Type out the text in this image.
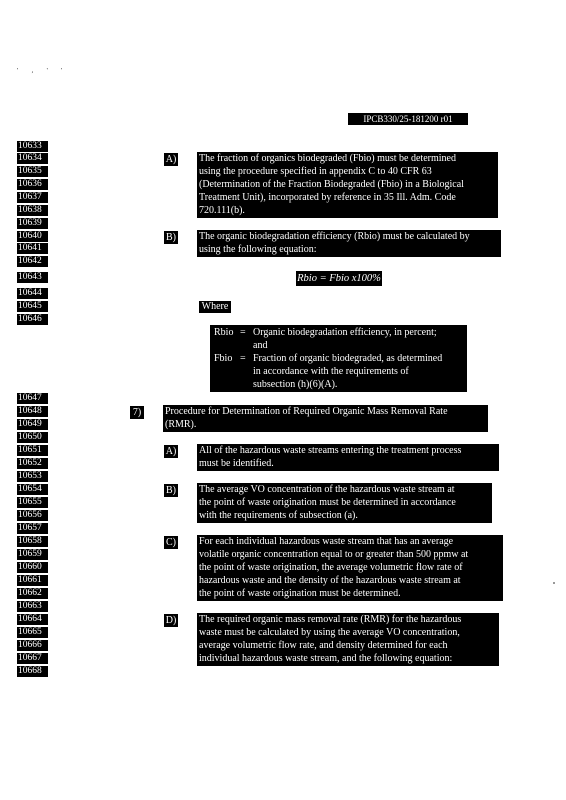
' , ' '
IPCB330/25-181200 r01
10633
10634
10635
10636
10637
10638
10639
10640
10641
10642
10643
10644
10645
10646
10647
10648
10649
10650
10651
10652
10653
10654
10655
10656
10657
10658
10659
10660
10661
10662
10663
10664
10665
10666
10667
10668
A) The fraction of organics biodegraded (Fbio) must be determined
using the procedure specified in appendix C to 40 CFR 63
(Determination of the Fraction Biodegraded (Fbio) in a Biological
Treatment Unit), incorporated by reference in 35 Ill. Adm. Code
720.111(b).
B) The organic biodegradation efficiency (Rbio) must be calculated by
using the following equation:
Rbio = Fbio x100%
Where
Rbio = Organic biodegradation efficiency, in percent;
and
Fbio = Fraction of organic biodegraded, as determined
in accordance with the requirements of
subsection (h)(6)(A).
7) Procedure for Determination of Required Organic Mass Removal Rate
(RMR).
A) All of the hazardous waste streams entering the treatment process
must be identified.
B) The average VO concentration of the hazardous waste stream at
the point of waste origination must be determined in accordance
with the requirements of subsection (a).
C) For each individual hazardous waste stream that has an average
volatile organic concentration equal to or greater than 500 ppmw at
the point of waste origination, the average volumetric flow rate of
hazardous waste and the density of the hazardous waste stream at
the point of waste origination must be determined.
D) The required organic mass removal rate (RMR) for the hazardous
waste must be calculated by using the average VO concentration,
average volumetric flow rate, and density determined for each
individual hazardous waste stream, and the following equation:
